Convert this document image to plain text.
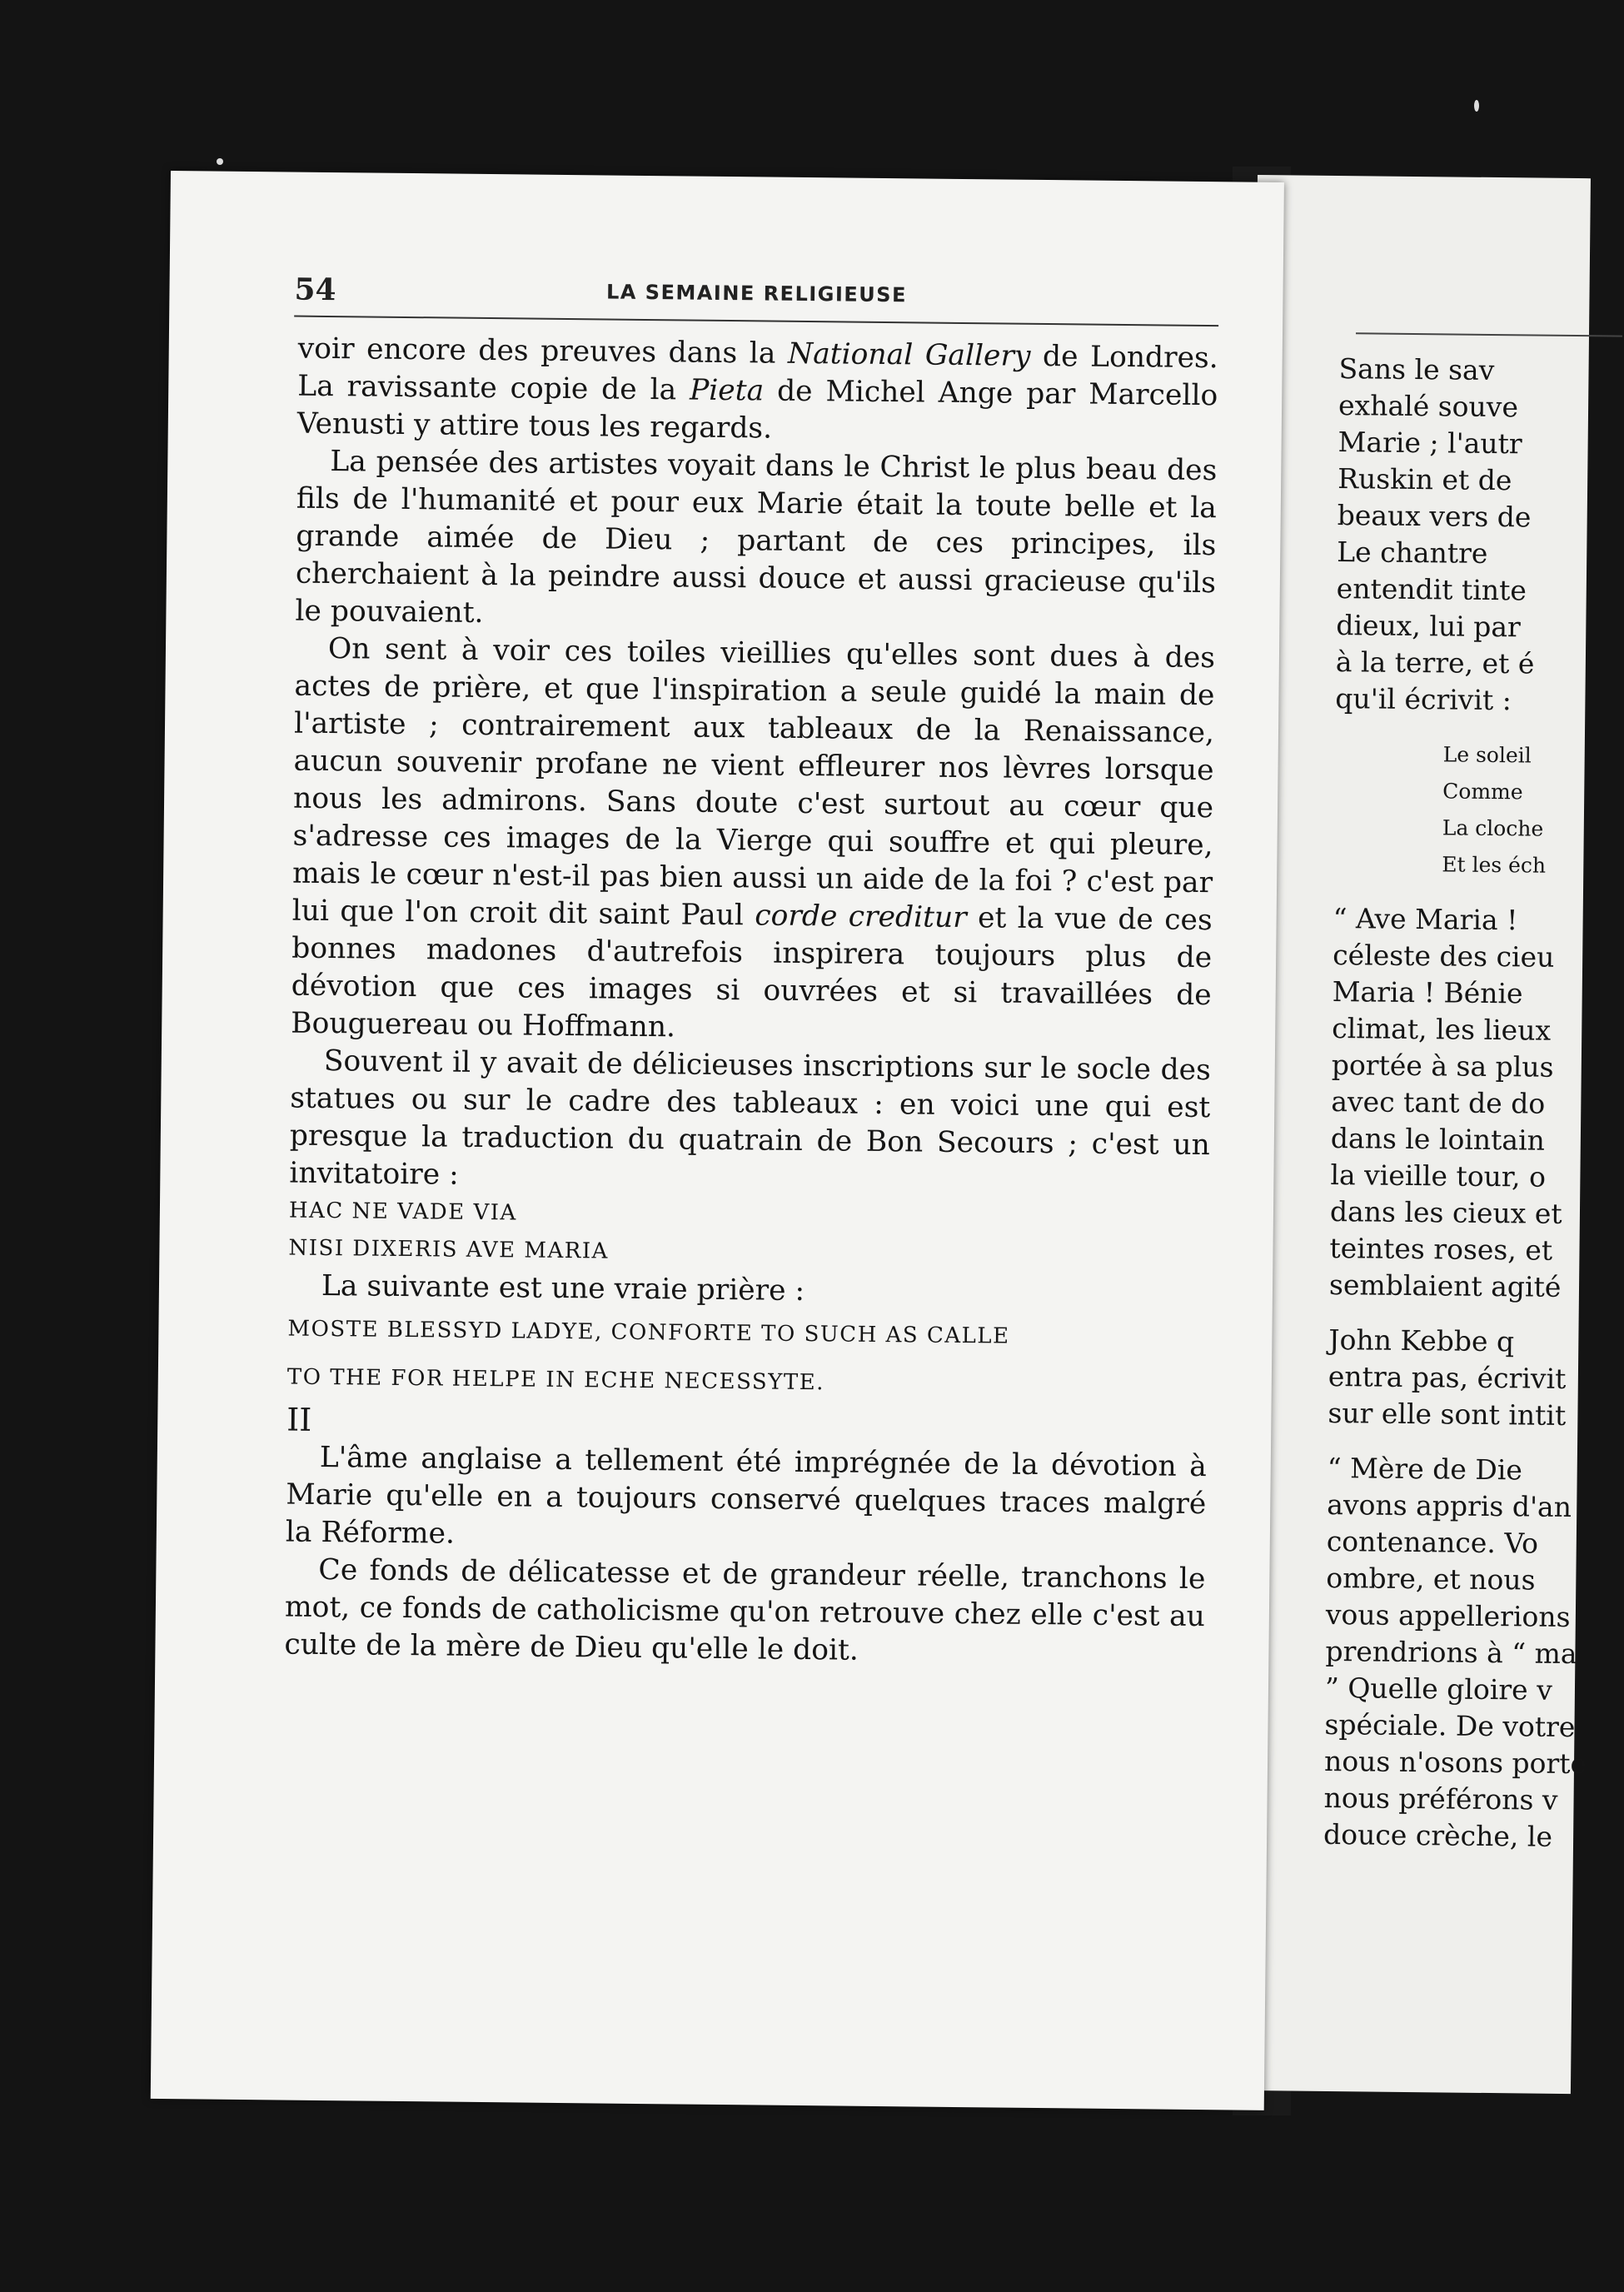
Sans le sav
exhalé souve
Marie ; l'autr
Ruskin et de
beaux vers de
Le chantre
entendit tinte
dieux, lui par
à la terre, et é
qu'il écrivit :
Le soleil
Comme
La cloche
Et les éch
“ Ave Maria !
céleste des cieu
Maria ! Bénie
climat, les lieux
portée à sa plus
avec tant de do
dans le lointain
la vieille tour, o
dans les cieux et
teintes roses, et
semblaient agité
John Kebbe q
entra pas, écrivit
sur elle sont intit
“ Mère de Die
avons appris d'an
contenance. Vo
ombre, et nous
vous appellerions
prendrions à “ ma
” Quelle gloire v
spéciale. De votre
nous n'osons porte
nous préférons v
douce crèche, le
54	LA SEMAINE RELIGIEUSE

voir encore des preuves dans la National Gallery de Londres. La ravissante copie de la Pieta de Michel Ange par Marcello Venusti y attire tous les regards.

La pensée des artistes voyait dans le Christ le plus beau des fils de l'humanité et pour eux Marie était la toute belle et la grande aimée de Dieu ; partant de ces principes, ils cherchaient à la peindre aussi douce et aussi gracieuse qu'ils le pouvaient.

On sent à voir ces toiles vieillies qu'elles sont dues à des actes de prière, et que l'inspiration a seule guidé la main de l'artiste ; contrairement aux tableaux de la Renaissance, aucun souvenir profane ne vient effleurer nos lèvres lorsque nous les admirons. Sans doute c'est surtout au cœur que s'adresse ces images de la Vierge qui souffre et qui pleure, mais le cœur n'est-il pas bien aussi un aide de la foi ? c'est par lui que l'on croit dit saint Paul corde creditur et la vue de ces bonnes madones d'autrefois inspirera toujours plus de dévotion que ces images si ouvrées et si travaillées de Bouguereau ou Hoffmann.

Souvent il y avait de délicieuses inscriptions sur le socle des statues ou sur le cadre des tableaux : en voici une qui est presque la traduction du quatrain de Bon Secours ; c'est un invitatoire :

HAC NE VADE VIA

NISI DIXERIS AVE MARIA

La suivante est une vraie prière :

MOSTE BLESSYD LADYE, CONFORTE TO SUCH AS CALLE

TO THE FOR HELPE IN ECHE NECESSYTE.

II

L'âme anglaise a tellement été imprégnée de la dévotion à Marie qu'elle en a toujours conservé quelques traces malgré la Réforme.

Ce fonds de délicatesse et de grandeur réelle, tranchons le mot, ce fonds de catholicisme qu'on retrouve chez elle c'est au culte de la mère de Dieu qu'elle le doit.
